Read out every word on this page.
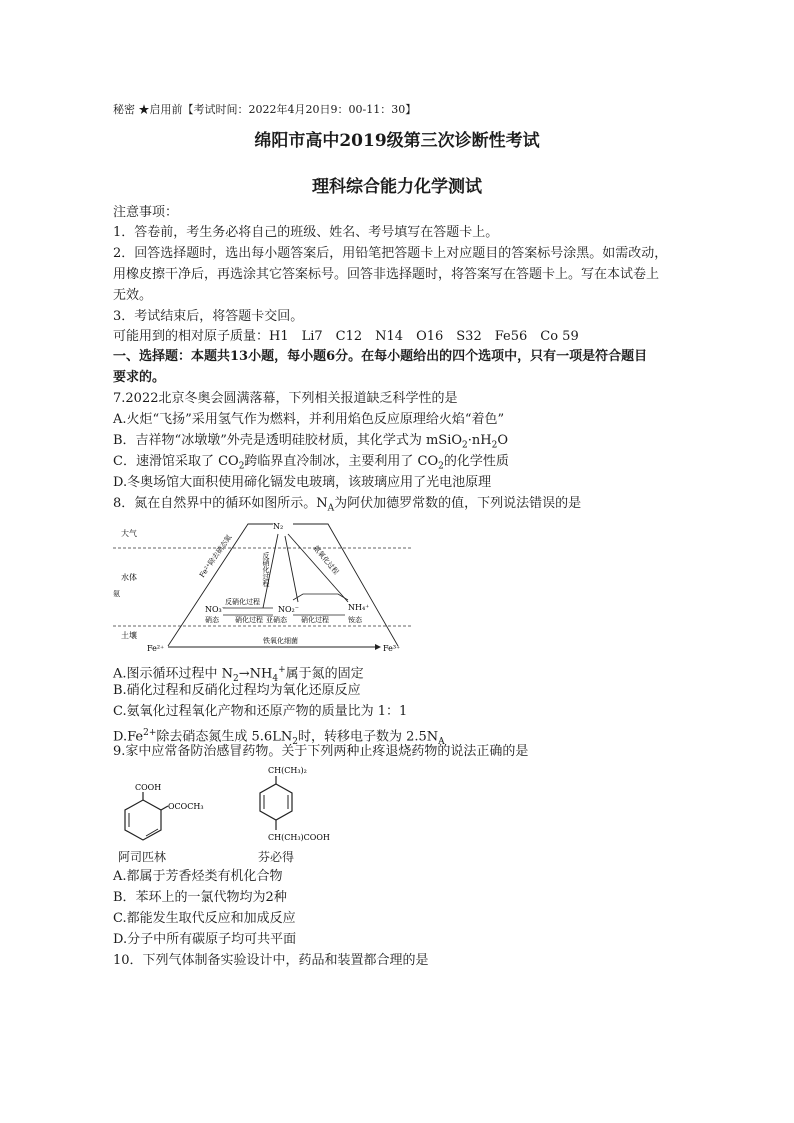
秘密 ★启用前【考试时间：2022年4月20日9：00-11：30】
绵阳市高中2019级第三次诊断性考试
理科综合能力化学测试
注意事项：
1．答卷前，考生务必将自己的班级、姓名、考号填写在答题卡上。
2．回答选择题时，选出每小题答案后，用铅笔把答题卡上对应题目的答案标号涂黑。如需改动，
用橡皮擦干净后，再选涂其它答案标号。回答非选择题时，将答案写在答题卡上。写在本试卷上
无效。
3．考试结束后，将答题卡交回。
可能用到的相对原子质量：H1　Li7　C12　N14　O16　S32　Fe56　Co 59
一、选择题：本题共13小题，每小题6分。在每小题给出的四个选项中，只有一项是符合题目
要求的。
7.2022北京冬奥会圆满落幕，下列相关报道缺乏科学性的是
A.火炬“飞扬”采用氢气作为燃料，并利用焰色反应原理给火焰“着色”
B．吉祥物“冰墩墩”外壳是透明硅胶材质，其化学式为 $mSiO_2\cdot nH_2O$
C．速滑馆采取了 $CO_2$跨临界直冷制冰，主要利用了 $CO_2$的化学性质
D.冬奥场馆大面积使用碲化镉发电玻璃，该玻璃应用了光电池原理
8．氮在自然界中的循环如图所示。$N_A$为阿伏加德罗常数的值，下列说法错误的是
大气
水体
土壤
氨
N₂
Fe²⁺除去硝态氮	反硝化过程	氨氧化过程
NO₃⁻
硝态
NO₂⁻
亚硝态
NH₄⁺
铵态
反硝化过程
硝化过程	硝化过程
Fe²⁺
铁氧化细菌
Fe³⁺
A.图示循环过程中 $N_2\to NH_4^+$属于氮的固定
B.硝化过程和反硝化过程均为氧化还原反应
C.氨氧化过程氧化产物和还原产物的质量比为 1：1
$D.Fe^{2+}$除去硝态氮生成 $5.6LN_2$时，转移电子数为 $2.5N_A$
9.家中应常备防治感冒药物。关于下列两种止疼退烧药物的说法正确的是
COOH
OCOCH₃
阿司匹林
CH(CH₃)₂
CH(CH₃)COOH
芬必得
A.都属于芳香烃类有机化合物
B．苯环上的一氯代物均为2种
C.都能发生取代反应和加成反应
D.分子中所有碳原子均可共平面
10．下列气体制备实验设计中，药品和装置都合理的是
